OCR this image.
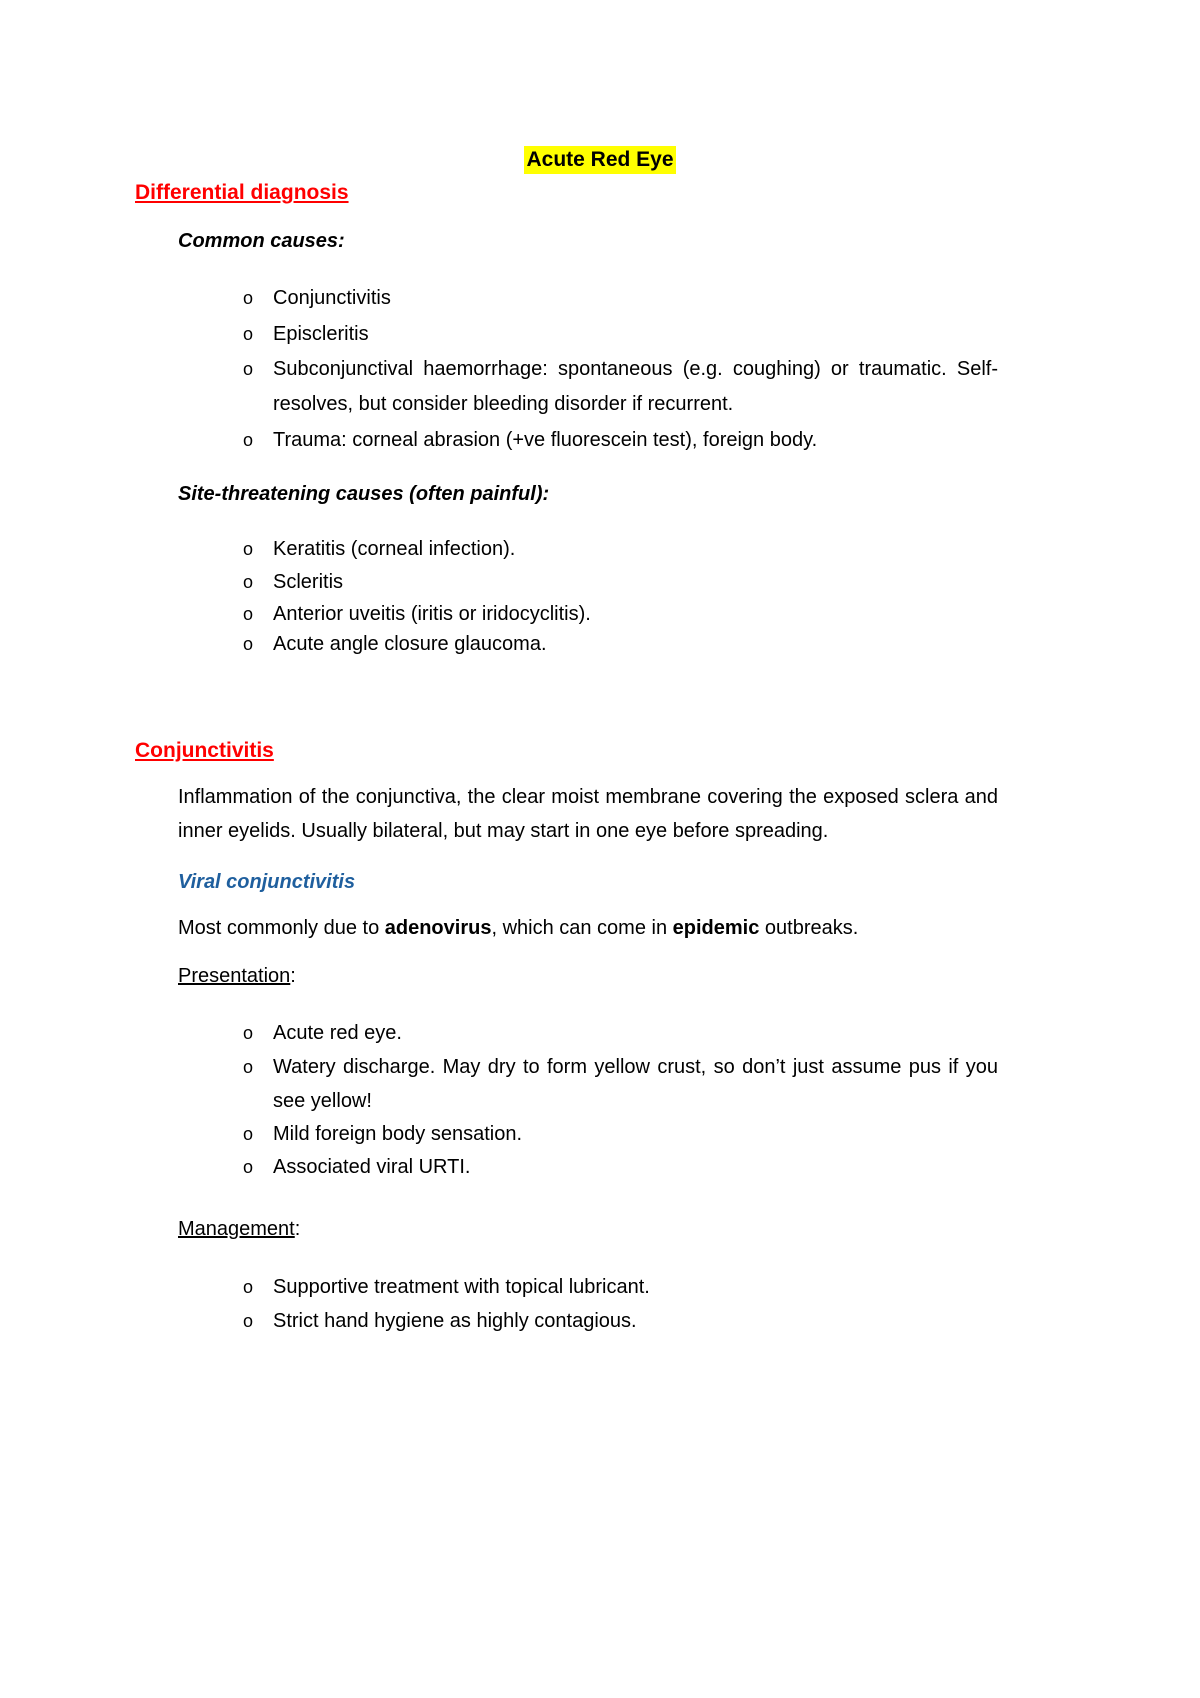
Acute Red Eye
Differential diagnosis
Common causes:
o Conjunctivitis
o Episcleritis
o Subconjunctival haemorrhage: spontaneous (e.g. coughing) or traumatic. Self-resolves, but consider bleeding disorder if recurrent.
o Trauma: corneal abrasion (+ve fluorescein test), foreign body.
Site-threatening causes (often painful):
o Keratitis (corneal infection).
o Scleritis
o Anterior uveitis (iritis or iridocyclitis).
o Acute angle closure glaucoma.
Conjunctivitis
Inflammation of the conjunctiva, the clear moist membrane covering the exposed sclera and inner eyelids. Usually bilateral, but may start in one eye before spreading.
Viral conjunctivitis
Most commonly due to adenovirus, which can come in epidemic outbreaks.
Presentation:
o Acute red eye.
o Watery discharge. May dry to form yellow crust, so don’t just assume pus if you see yellow!
o Mild foreign body sensation.
o Associated viral URTI.
Management:
o Supportive treatment with topical lubricant.
o Strict hand hygiene as highly contagious.
